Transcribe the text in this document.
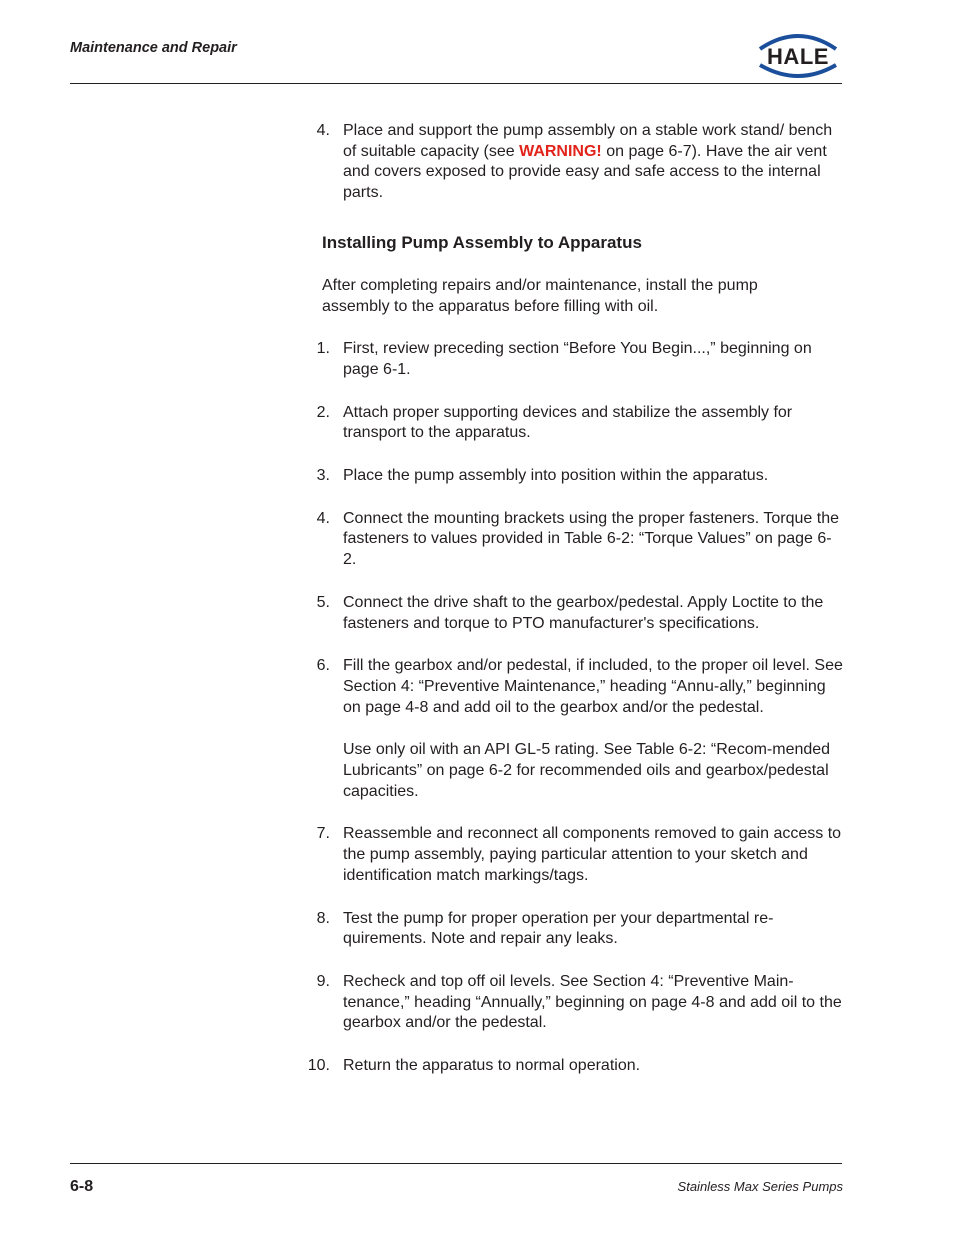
Maintenance and Repair	HALE
4. Place and support the pump assembly on a stable work stand/ bench of suitable capacity (see WARNING! on page 6-7). Have the air vent and covers exposed to provide easy and safe access to the internal parts.
Installing Pump Assembly to Apparatus
After completing repairs and/or maintenance, install the pump assembly to the apparatus before filling with oil.
1. First, review preceding section “Before You Begin...,” beginning on page 6-1.
2. Attach proper supporting devices and stabilize the assembly for transport to the apparatus.
3. Place the pump assembly into position within the apparatus.
4. Connect the mounting brackets using the proper fasteners. Torque the fasteners to values provided in Table 6-2: “Torque Values” on page 6-2.
5. Connect the drive shaft to the gearbox/pedestal. Apply Loctite to the fasteners and torque to PTO manufacturer's specifications.
6. Fill the gearbox and/or pedestal, if included, to the proper oil level. See Section 4: “Preventive Maintenance,” heading “Annu-ally,” beginning on page 4-8 and add oil to the gearbox and/or the pedestal.
Use only oil with an API GL-5 rating. See Table 6-2: “Recom-mended Lubricants” on page 6-2 for recommended oils and gearbox/pedestal capacities.
7. Reassemble and reconnect all components removed to gain access to the pump assembly, paying particular attention to your sketch and identification match markings/tags.
8. Test the pump for proper operation per your departmental re-quirements. Note and repair any leaks.
9. Recheck and top off oil levels. See Section 4: “Preventive Main-tenance,” heading “Annually,” beginning on page 4-8 and add oil to the gearbox and/or the pedestal.
10. Return the apparatus to normal operation.
6-8	Stainless Max Series Pumps
